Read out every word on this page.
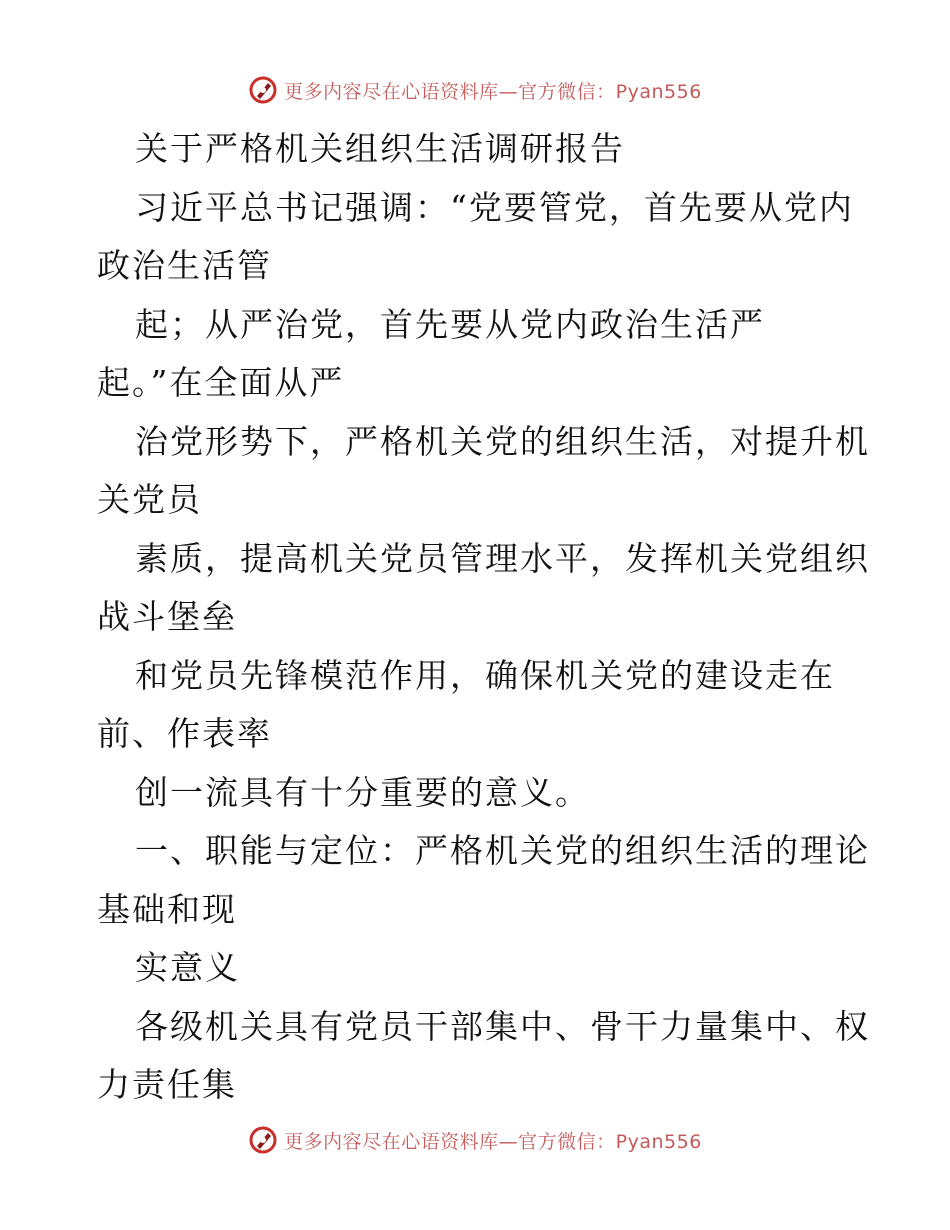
更多内容尽在心语资料库—官方微信：Pyan556
关于严格机关组织生活调研报告
习近平总书记强调：“党要管党，首先要从党内
政治生活管
起；从严治党，首先要从党内政治生活严
起。”在全面从严
治党形势下，严格机关党的组织生活，对提升机
关党员
素质，提高机关党员管理水平，发挥机关党组织
战斗堡垒
和党员先锋模范作用，确保机关党的建设走在
前、作表率
创一流具有十分重要的意义。
一、职能与定位：严格机关党的组织生活的理论
基础和现
实意义
各级机关具有党员干部集中、骨干力量集中、权
力责任集
更多内容尽在心语资料库—官方微信：Pyan556
